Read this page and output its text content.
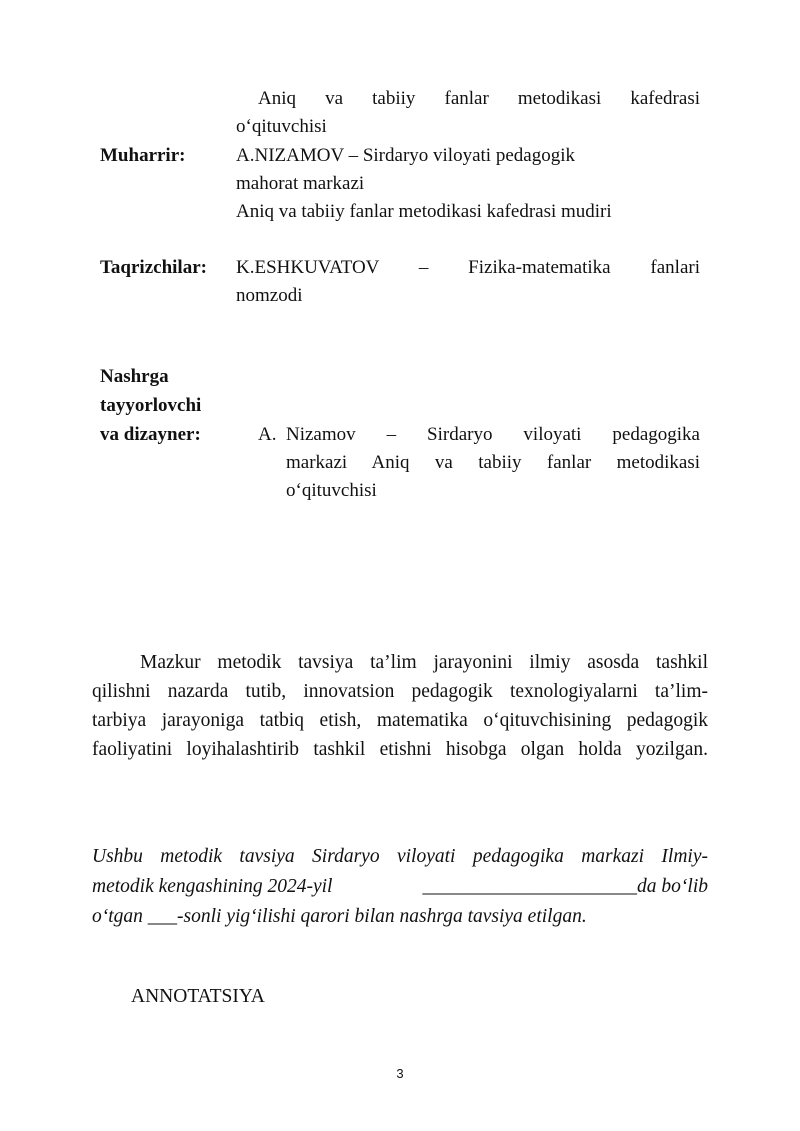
Aniq va tabiiy fanlar metodikasi kafedrasi
o‘qituvchisi
Muharrir:	A.NIZAMOV – Sirdaryo viloyati pedagogik
mahorat markazi
Aniq va tabiiy fanlar metodikasi kafedrasi mudiri
Taqrizchilar: K.ESHKUVATOV – Fizika-matematika fanlari
nomzodi
Nashrga
tayyorlovchi
va dizayner:	A. Nizamov – Sirdaryo viloyati pedagogika
markazi Aniq va tabiiy fanlar metodikasi
o‘qituvchisi
Mazkur metodik tavsiya ta’lim jarayonini ilmiy asosda tashkil
qilishni nazarda tutib, innovatsion pedagogik texnologiyalarni ta’lim-
tarbiya jarayoniga tatbiq etish, matematika o‘qituvchisining pedagogik
faoliyatini loyihalashtirib tashkil etishni hisobga olgan holda yozilgan.
Ushbu metodik tavsiya Sirdaryo viloyati pedagogika markazi Ilmiy-
metodik kengashining 2024-yil	______________________da bo‘lib
o‘tgan ___-sonli yig‘ilishi qarori bilan nashrga tavsiya etilgan.
ANNOTATSIYA
3
